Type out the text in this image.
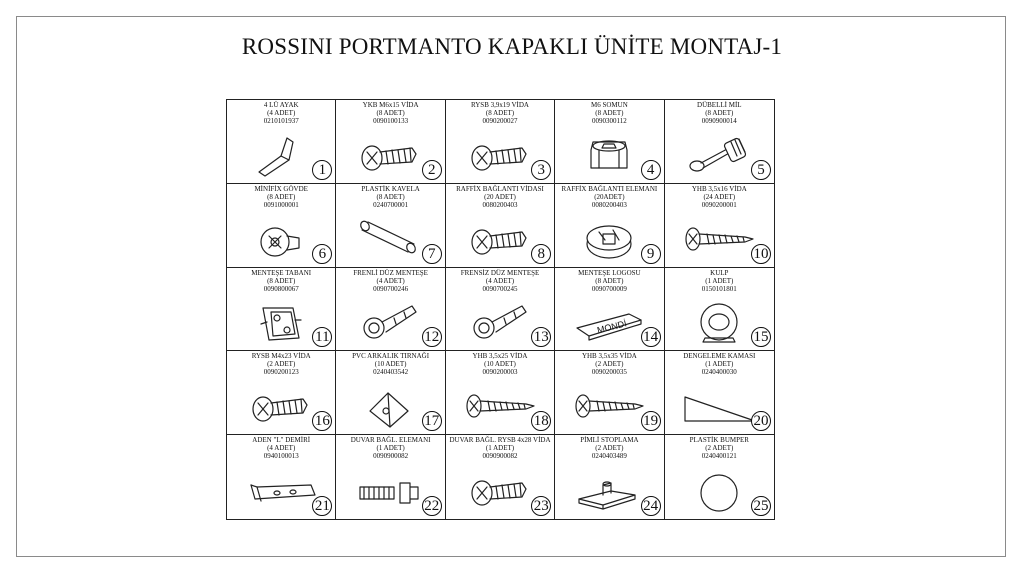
ROSSINI PORTMANTO KAPAKLI ÜNİTE MONTAJ-1
4 LÜ AYAK
(4 ADET)
0210101937
1
YKB M6x15 VİDA
(8 ADET)
0090100133
2
RYSB 3,9x19 VİDA
(8 ADET)
0090200027
3
M6 SOMUN
(8 ADET)
0090300112
4
DÜBELLİ MİL
(8 ADET)
0090900014
5
MİNİFİX GÖVDE
(8 ADET)
0091000001
6
PLASTİK KAVELA
(8 ADET)
0240700001
7
RAFFİX BAĞLANTI VİDASI
(20 ADET)
0080200403
8
RAFFİX BAĞLANTI ELEMANI
(20ADET)
0080200403
9
YHB 3,5x16 VİDA
(24 ADET)
0090200001
10
MENTEŞE TABANI
(8 ADET)
0090800067
11
FRENLİ DÜZ MENTEŞE
(4 ADET)
0090700246
12
FRENSİZ DÜZ MENTEŞE
(4 ADET)
0090700245
13
MENTEŞE LOGOSU
(8 ADET)
0090700009
MONDİ
14
KULP
(1 ADET)
0150101801
15
RYSB M4x23 VİDA
(2 ADET)
0090200123
16
PVC ARKALIK TIRNAĞI
(10 ADET)
0240403542
17
YHB 3,5x25 VİDA
(10 ADET)
0090200003
18
YHB 3,5x35 VİDA
(2 ADET)
0090200035
19
DENGELEME KAMASI
(1 ADET)
0240400030
20
ADEN "L" DEMİRİ
(4 ADET)
0940100013
21
DUVAR BAĞL. ELEMANI
(1 ADET)
0090900082
22
DUVAR BAĞL. RYSB 4x28 VİDA
(1 ADET)
0090900082
23
PİMLİ STOPLAMA
(2 ADET)
0240403489
24
PLASTİK BUMPER
(2 ADET)
0240400121
25
